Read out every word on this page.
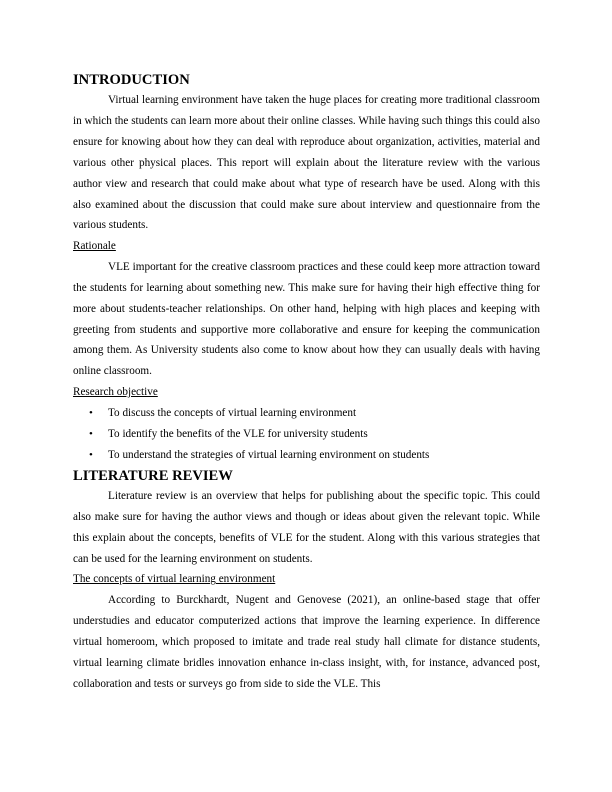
INTRODUCTION

Virtual learning environment have taken the huge places for creating more traditional classroom in which the students can learn more about their online classes. While having such things this could also ensure for knowing about how they can deal with reproduce about organization, activities, material and various other physical places. This report will explain about the literature review with the various author view and research that could make about what type of research have be used. Along with this also examined about the discussion that could make sure about interview and questionnaire from the various students.

Rationale

VLE important for the creative classroom practices and these could keep more attraction toward the students for learning about something new. This make sure for having their high effective thing for more about students-teacher relationships. On other hand, helping with high places and keeping with greeting from students and supportive more collaborative and ensure for keeping the communication among them. As University students also come to know about how they can usually deals with having online classroom.

Research objective
• To discuss the concepts of virtual learning environment
• To identify the benefits of the VLE for university students
• To understand the strategies of virtual learning environment on students
LITERATURE REVIEW

Literature review is an overview that helps for publishing about the specific topic. This could also make sure for having the author views and though or ideas about given the relevant topic. While this explain about the concepts, benefits of VLE for the student. Along with this various strategies that can be used for the learning environment on students.

The concepts of virtual learning environment

According to Burckhardt, Nugent and Genovese (2021), an online-based stage that offer understudies and educator computerized actions that improve the learning experience. In difference virtual homeroom, which proposed to imitate and trade real study hall climate for distance students, virtual learning climate bridles innovation enhance in-class insight, with, for instance, advanced post, collaboration and tests or surveys go from side to side the VLE. This
